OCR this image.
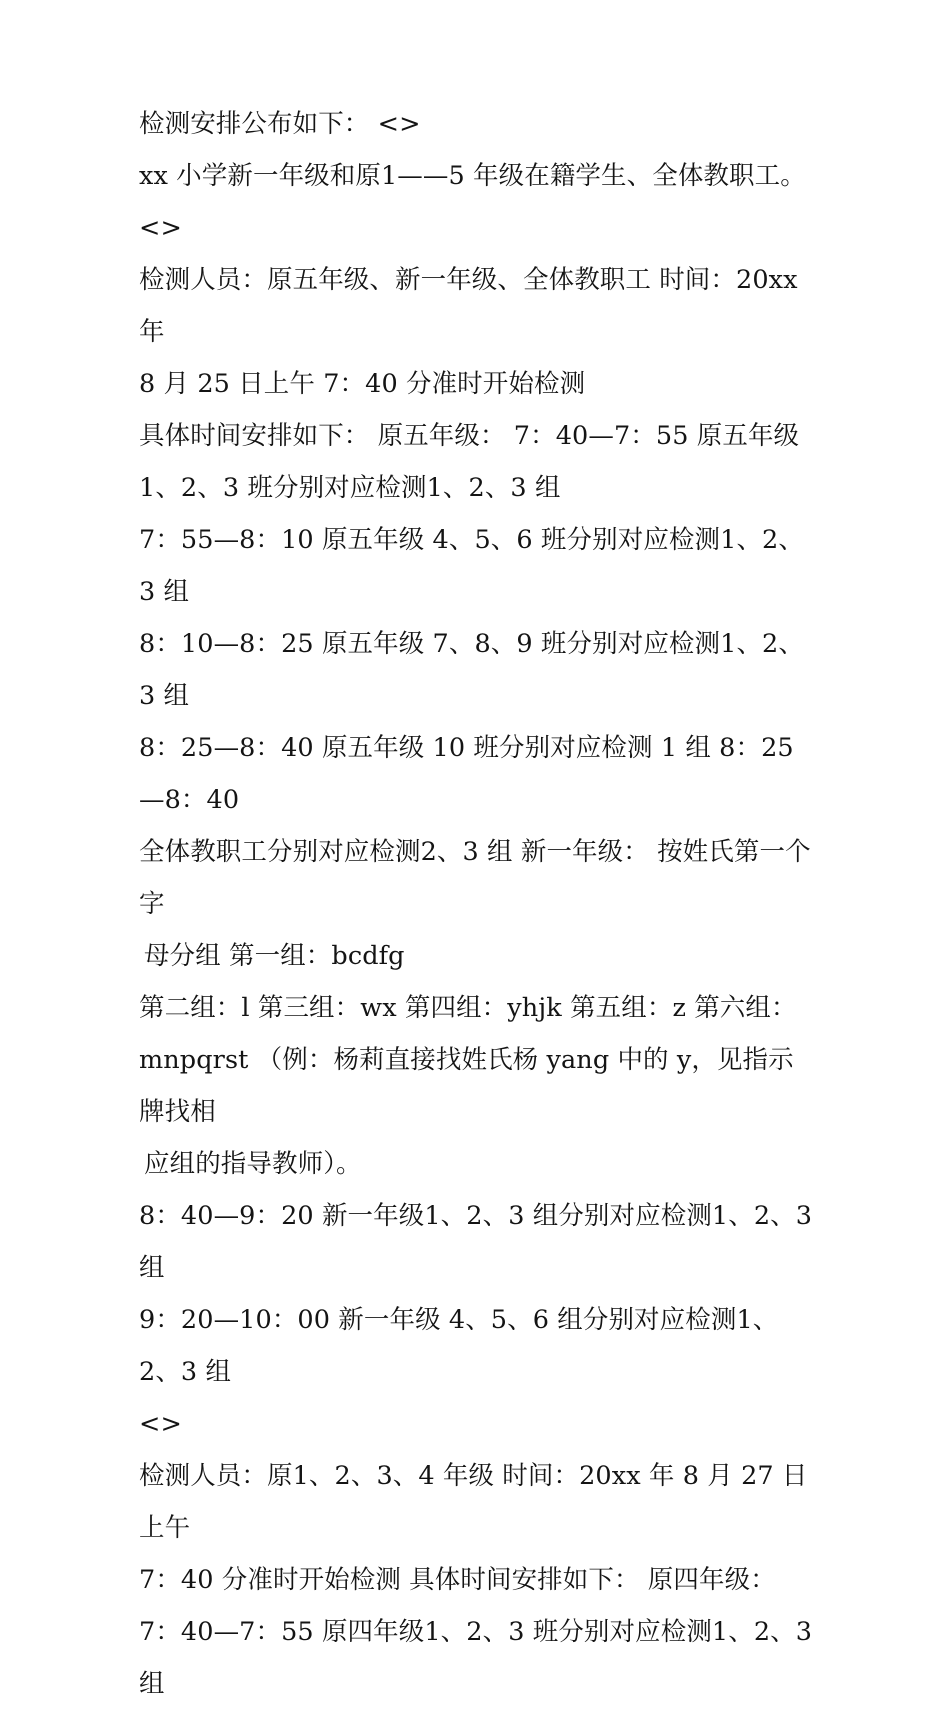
检测安排公布如下： <>
xx 小学新一年级和原1——5 年级在籍学生、全体教职工。 <>
检测人员：原五年级、新一年级、全体教职工 时间：20xx 年
8 月 25 日上午 7：40 分准时开始检测
具体时间安排如下： 原五年级： 7：40—7：55 原五年级
1、2、3 班分别对应检测1、2、3 组
7：55—8：10 原五年级 4、5、6 班分别对应检测1、2、3 组
8：10—8：25 原五年级 7、8、9 班分别对应检测1、2、3 组
8：25—8：40 原五年级 10 班分别对应检测 1 组 8：25—8：40
全体教职工分别对应检测2、3 组 新一年级： 按姓氏第一个字
母分组 第一组：bcdfg
第二组：l 第三组：wx 第四组：yhjk 第五组：z 第六组：
mnpqrst （例：杨莉直接找姓氏杨 yang 中的 y，见指示牌找相
应组的指导教师）。
8：40—9：20 新一年级1、2、3 组分别对应检测1、2、3 组
9：20—10：00 新一年级 4、5、6 组分别对应检测1、2、3 组
<>
检测人员：原1、2、3、4 年级 时间：20xx 年 8 月 27 日上午
7：40 分准时开始检测 具体时间安排如下： 原四年级：
7：40—7：55 原四年级1、2、3 班分别对应检测1、2、3 组
